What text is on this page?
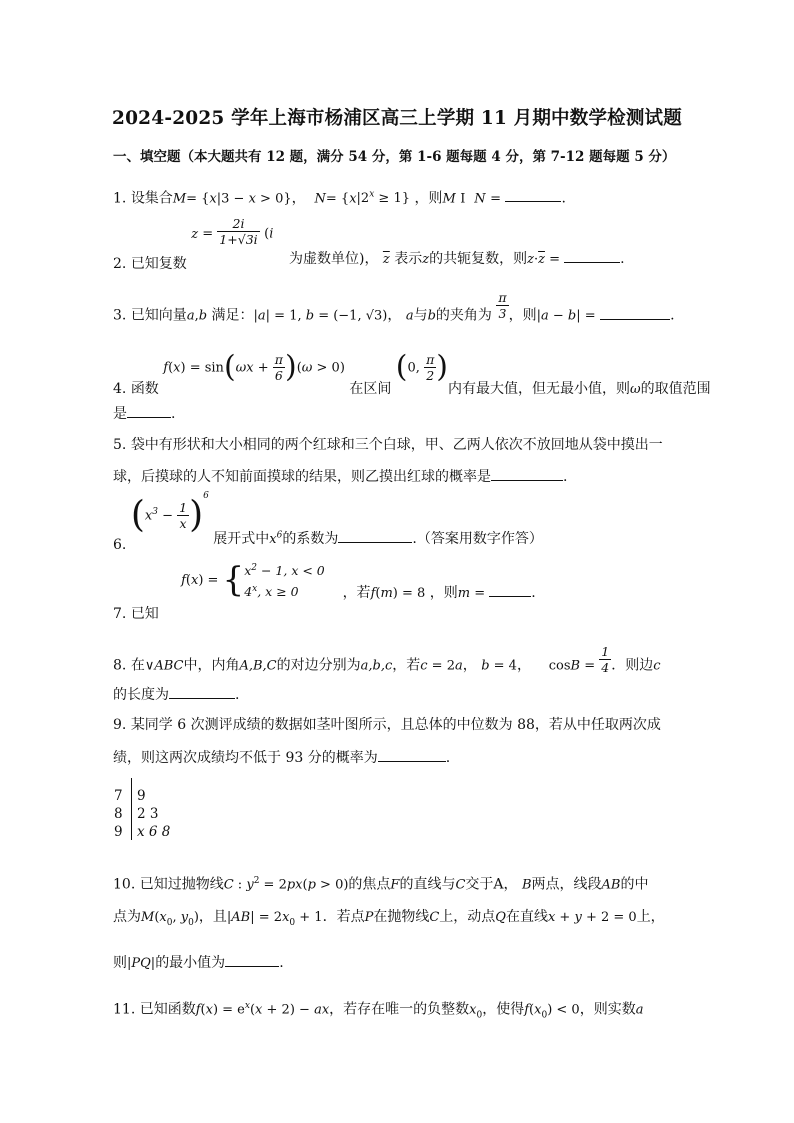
2024-2025 学年上海市杨浦区高三上学期 11 月期中数学检测试题
一、填空题（本大题共有 12 题，满分 54 分，第 1-6 题每题 4 分，第 7-12 题每题 5 分）
1. 设集合M= {x|3 − x > 0}， $N= \{x|2^x \ge 1\}$ ，则M I N =	.
2. 已知复数 $z = \frac{2i}{1+√3i} (i$
为虚数单位)， $\overline{z}$ 表示z的共轭复数，则$z\cdot\overline{z}$ =	.
3. 已知向量a,b 满足：|a| = 1, b = (−1, √3)， a与b的夹角为 $\frac{\pi}{3}$ ，则|a − b| =	.
4. 函数 $f(x) = \sin(\omega x + \frac{\pi}{6} )(\omega > 0)$ 在区间 (0, $\frac{\pi}{2}$ )内有最大值，但无最小值，则ω的取值范围
是	.
5. 袋中有形状和大小相同的两个红球和三个白球，甲、乙两人依次不放回地从袋中摸出一
球，后摸球的人不知前面摸球的结果，则乙摸出红球的概率是	.
6. $(x^3 - \frac{1}{x} )^6$ 展开式中$x^6$的系数为	.（答案用数字作答）
7. 已知     f(x) = { $x^2 - 1$, x < 0
4$^x$, x ≥ 0	，若f(m) = 8 ，则m =	.
8. 在∨ABC中，内角A,B,C的对边分别为a,b,c，若c = 2a， b = 4， $\cos B = \frac{1}{4}$ ．则边c
的长度为	.
9. 某同学 6 次测评成绩的数据如茎叶图所示，且总体的中位数为 88，若从中任取两次成
绩，则这两次成绩均不低于 93 分的概率为	.
7 9
8 2 3
9 x 6 8
10. 已知过抛物线C : $y^2 = 2px(p > 0)$的焦点F的直线与C交于A， B两点，线段AB的中
点为$M(x_0$, $y_0$)，且$|AB| = 2x_0 + 1$．若点P在抛物线C上，动点Q在直线x + y + 2 = 0上，
则|PQ|的最小值为	.
11. 已知函数$f(x) = e^x(x + 2)$ − ax，若存在唯一的负整数$x_0$，使得$f(x_0) < 0$，则实数a
